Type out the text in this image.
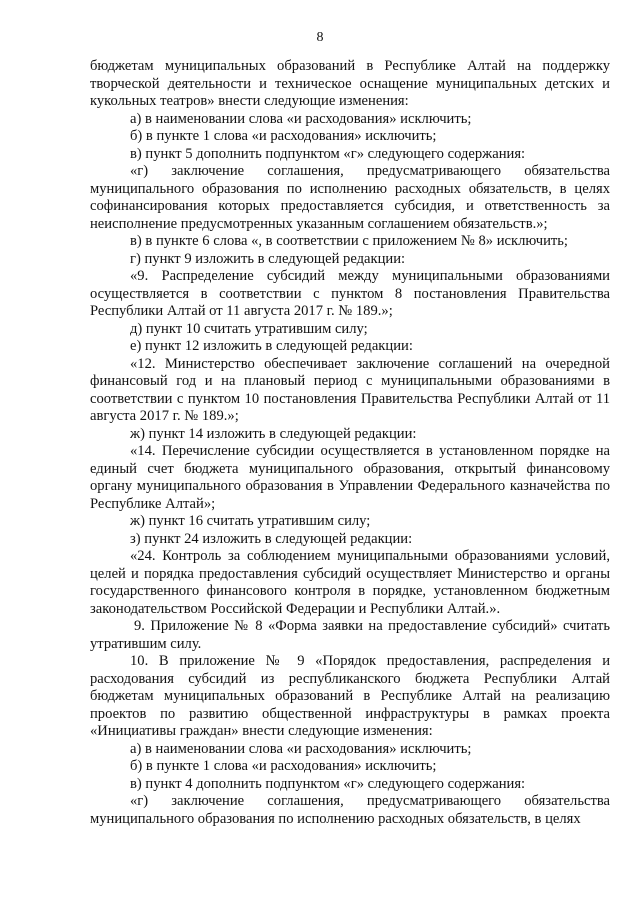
8

бюджетам муниципальных образований в Республике Алтай на поддержку творческой деятельности и техническое оснащение муниципальных детских и кукольных театров» внести следующие изменения:

а) в наименовании слова «и расходования» исключить;

б) в пункте 1 слова «и расходования» исключить;

в) пункт 5 дополнить подпунктом «г» следующего содержания:

«г) заключение соглашения, предусматривающего обязательства муниципального образования по исполнению расходных обязательств, в целях софинансирования которых предоставляется субсидия, и ответственность за неисполнение предусмотренных указанным соглашением обязательств.»;

в) в пункте 6 слова «, в соответствии с приложением № 8» исключить;

г) пункт 9 изложить в следующей редакции:

«9. Распределение субсидий между муниципальными образованиями осуществляется в соответствии с пунктом 8 постановления Правительства Республики Алтай от 11 августа 2017 г. № 189.»;

д) пункт 10 считать утратившим силу;

е) пункт 12 изложить в следующей редакции:

«12. Министерство обеспечивает заключение соглашений на очередной финансовый год и на плановый период с муниципальными образованиями в соответствии с пунктом 10 постановления Правительства Республики Алтай от 11 августа 2017 г. № 189.»;

ж) пункт 14 изложить в следующей редакции:

«14. Перечисление субсидии осуществляется в установленном порядке на единый счет бюджета муниципального образования, открытый финансовому органу муниципального образования в Управлении Федерального казначейства по Республике Алтай»;

ж) пункт 16 считать утратившим силу;

з) пункт 24 изложить в следующей редакции:

«24. Контроль за соблюдением муниципальными образованиями условий, целей и порядка предоставления субсидий осуществляет Министерство и органы государственного финансового контроля в порядке, установленном бюджетным законодательством Российской Федерации и Республики Алтай.».

9. Приложение № 8 «Форма заявки на предоставление субсидий» считать утратившим силу.

10. В приложение № 9 «Порядок предоставления, распределения и расходования субсидий из республиканского бюджета Республики Алтай бюджетам муниципальных образований в Республике Алтай на реализацию проектов по развитию общественной инфраструктуры в рамках проекта «Инициативы граждан» внести следующие изменения:

а) в наименовании слова «и расходования» исключить;

б) в пункте 1 слова «и расходования» исключить;

в) пункт 4 дополнить подпунктом «г» следующего содержания:

«г) заключение соглашения, предусматривающего обязательства муниципального образования по исполнению расходных обязательств, в целях
